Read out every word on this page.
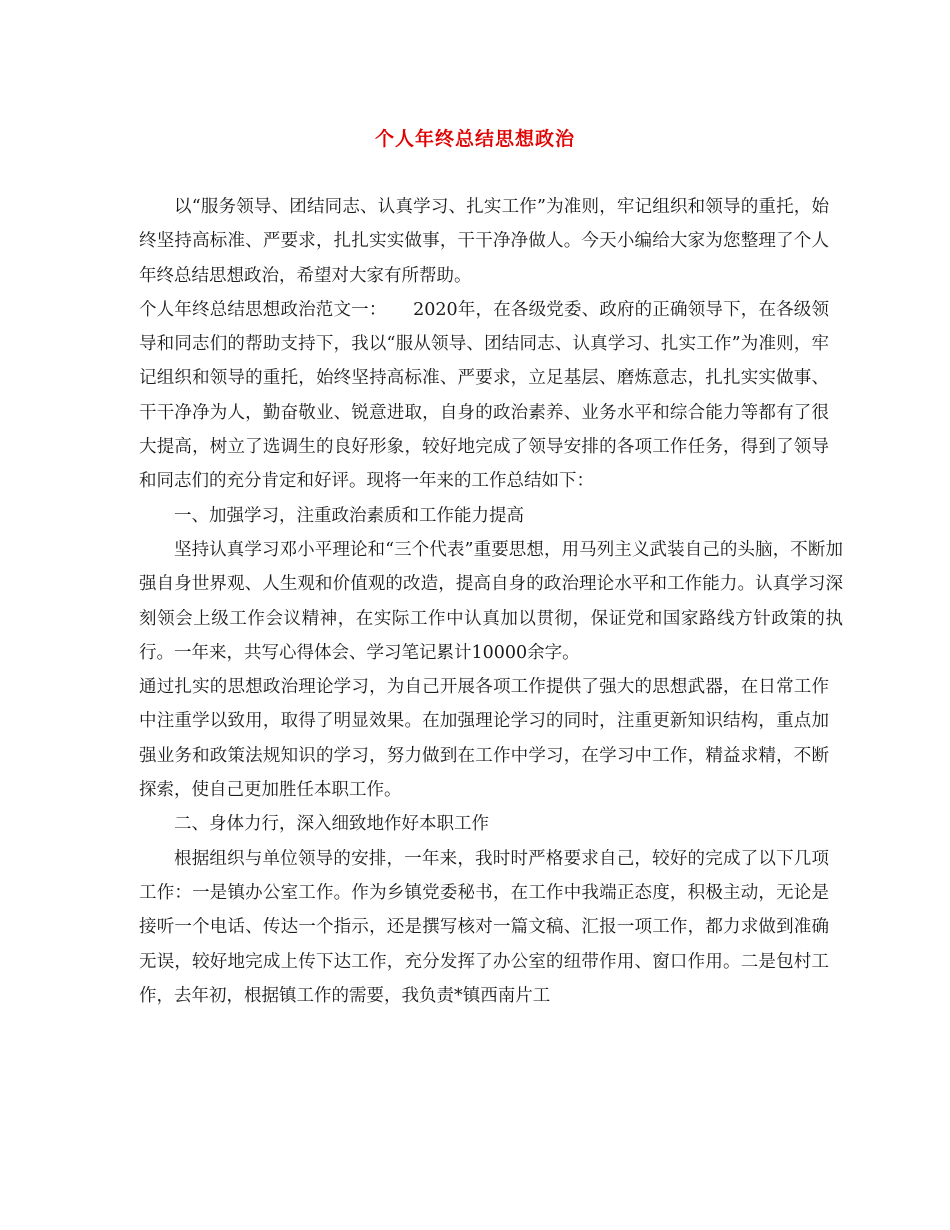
个人年终总结思想政治

以“服务领导、团结同志、认真学习、扎实工作”为准则，牢记组织和领导的重托，始终坚持高标准、严要求，扎扎实实做事，干干净净做人。今天小编给大家为您整理了个人年终总结思想政治，希望对大家有所帮助。

个人年终总结思想政治范文一：　　2020年，在各级党委、政府的正确领导下，在各级领导和同志们的帮助支持下，我以“服从领导、团结同志、认真学习、扎实工作”为准则，牢记组织和领导的重托，始终坚持高标准、严要求，立足基层、磨炼意志，扎扎实实做事、干干净净为人，勤奋敬业、锐意进取，自身的政治素养、业务水平和综合能力等都有了很大提高，树立了选调生的良好形象，较好地完成了领导安排的各项工作任务，得到了领导和同志们的充分肯定和好评。现将一年来的工作总结如下：

一、加强学习，注重政治素质和工作能力提高

坚持认真学习邓小平理论和“三个代表”重要思想，用马列主义武装自己的头脑，不断加强自身世界观、人生观和价值观的改造，提高自身的政治理论水平和工作能力。认真学习深刻领会上级工作会议精神，在实际工作中认真加以贯彻，保证党和国家路线方针政策的执行。一年来，共写心得体会、学习笔记累计10000余字。

通过扎实的思想政治理论学习，为自己开展各项工作提供了强大的思想武器，在日常工作中注重学以致用，取得了明显效果。在加强理论学习的同时，注重更新知识结构，重点加强业务和政策法规知识的学习，努力做到在工作中学习，在学习中工作，精益求精，不断探索，使自己更加胜任本职工作。

二、身体力行，深入细致地作好本职工作

根据组织与单位领导的安排，一年来，我时时严格要求自己，较好的完成了以下几项工作：一是镇办公室工作。作为乡镇党委秘书，在工作中我端正态度，积极主动，无论是接听一个电话、传达一个指示，还是撰写核对一篇文稿、汇报一项工作，都力求做到准确无误，较好地完成上传下达工作，充分发挥了办公室的纽带作用、窗口作用。二是包村工作，去年初，根据镇工作的需要，我负责*镇西南片工
